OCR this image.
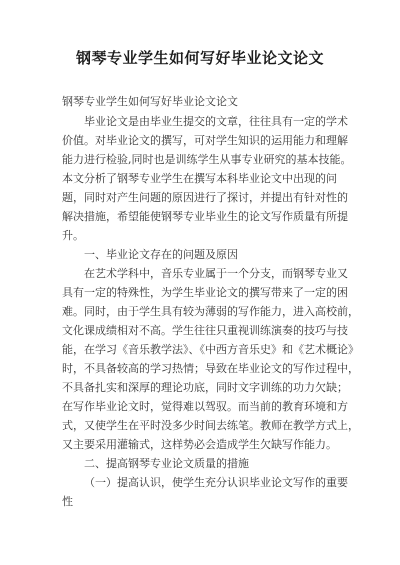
钢琴专业学生如何写好毕业论文论文
钢琴专业学生如何写好毕业论文论文
毕业论文是由毕业生提交的文章，往往具有一定的学术
价值。对毕业论文的撰写，可对学生知识的运用能力和理解
能力进行检验,同时也是训练学生从事专业研究的基本技能。
本文分析了钢琴专业学生在撰写本科毕业论文中出现的问
题，同时对产生问题的原因进行了探讨，并提出有针对性的
解决措施，希望能使钢琴专业毕业生的论文写作质量有所提
升。
一、毕业论文存在的问题及原因
在艺术学科中，音乐专业属于一个分支，而钢琴专业又
具有一定的特殊性，为学生毕业论文的撰写带来了一定的困
难。同时，由于学生具有较为薄弱的写作能力，进入高校前，
文化课成绩相对不高。学生往往只重视训练演奏的技巧与技
能，在学习《音乐教学法》、《中西方音乐史》和《艺术概论》
时，不具备较高的学习热情；导致在毕业论文的写作过程中，
不具备扎实和深厚的理论功底，同时文字训练的功力欠缺；
在写作毕业论文时，觉得难以驾驭。而当前的教育环境和方
式，又使学生在平时没多少时间去练笔。教师在教学方式上，
又主要采用灌输式，这样势必会造成学生欠缺写作能力。
二、提高钢琴专业论文质量的措施
（一）提高认识，使学生充分认识毕业论文写作的重要
性
